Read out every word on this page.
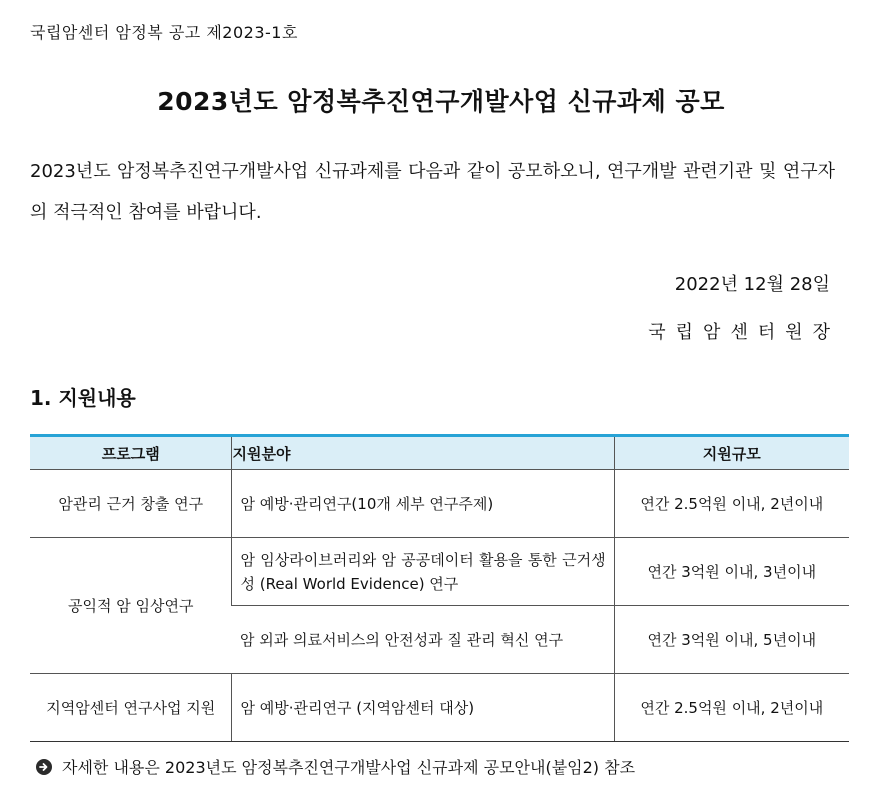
국립암센터 암정복 공고 제2023-1호
2023년도 암정복추진연구개발사업 신규과제 공모
2023년도 암정복추진연구개발사업 신규과제를 다음과 같이 공모하오니, 연구개발 관련기관 및 연구자의 적극적인 참여를 바랍니다.
2022년 12월 28일
국립암센터원장
1. 지원내용
프로그램	지원분야	지원규모
암관리 근거 창출 연구	암 예방·관리연구(10개 세부 연구주제)	연간 2.5억원 이내, 2년이내
공익적 암 임상연구	암 임상라이브러리와 암 공공데이터 활용을 통한 근거생성 (Real World Evidence) 연구	연간 3억원 이내, 3년이내
	암 외과 의료서비스의 안전성과 질 관리 혁신 연구	연간 3억원 이내, 5년이내
지역암센터 연구사업 지원	암 예방·관리연구 (지역암센터 대상)	연간 2.5억원 이내, 2년이내
자세한 내용은 2023년도 암정복추진연구개발사업 신규과제 공모안내(붙임2) 참조
